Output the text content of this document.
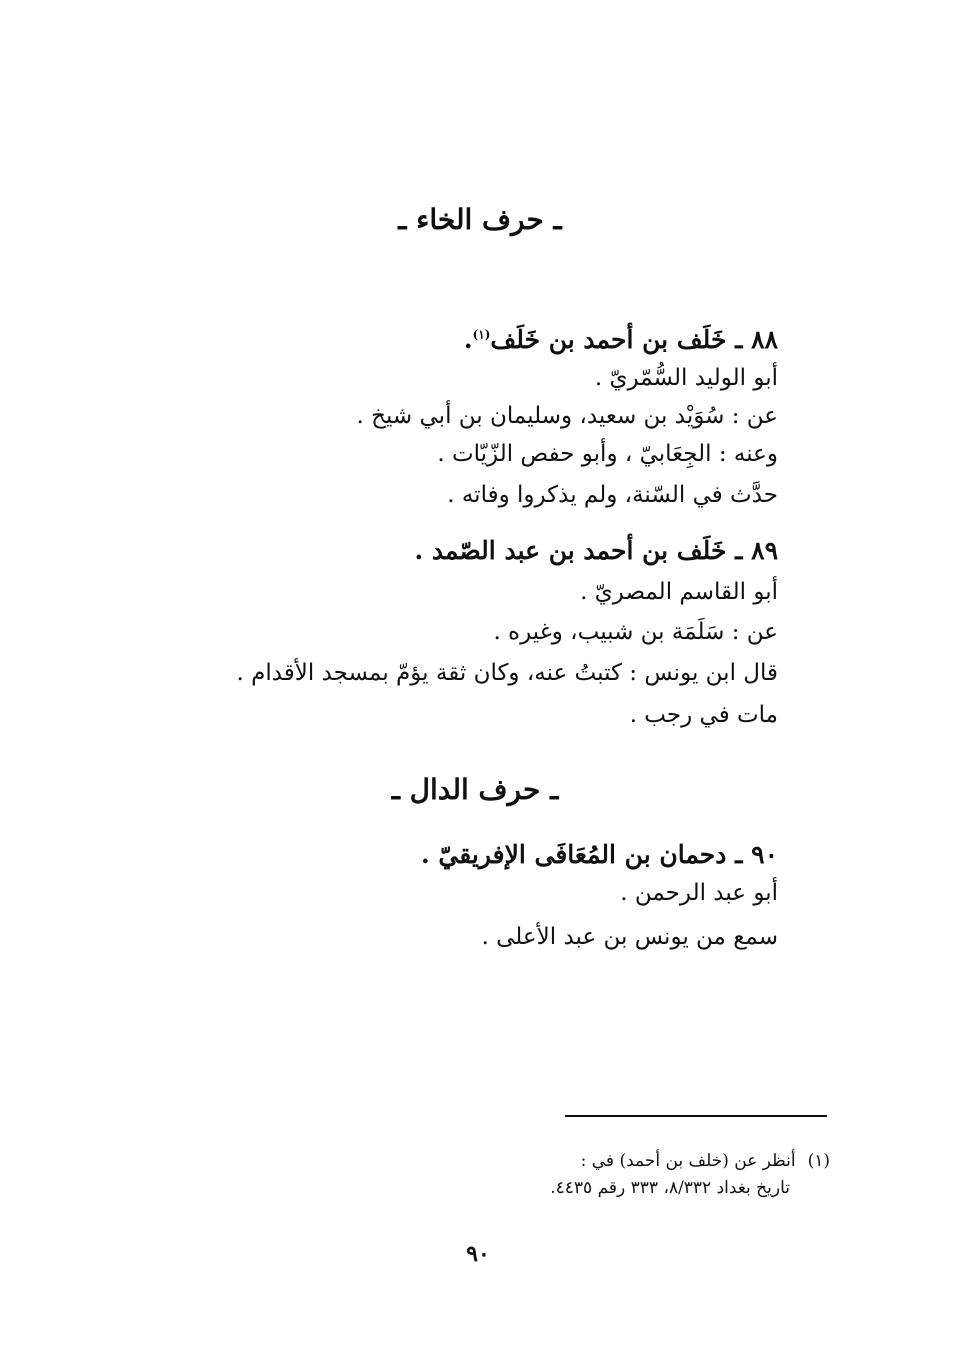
ـ حرف الخاء ـ
٨٨ ـ خَلَف بن أحمد بن خَلَف$^{(١)}$.
أبو الوليد السُّمّريّ .
عن : سُوَيْد بن سعيد، وسليمان بن أبي شيخ .
وعنه : الجِعَابيّ ، وأبو حفص الزّيّات .
حدَّث في السّنة، ولم يذكروا وفاته .
٨٩ ـ خَلَف بن أحمد بن عبد الصّمد .
أبو القاسم المصريّ .
عن : سَلَمَة بن شبيب، وغيره .
قال ابن يونس : كتبتُ عنه، وكان ثقة يؤمّ بمسجد الأقدام .
مات في رجب .
ـ حرف الدال ـ
٩٠ ـ دحمان بن المُعَافَى الإفريقيّ .
أبو عبد الرحمن .
سمع من يونس بن عبد الأعلى .
(١)أنظر عن (خلف بن أحمد) في :
تاريخ بغداد ٨/٣٣٢، ٣٣٣ رقم ٤٤٣٥.
٩٠
